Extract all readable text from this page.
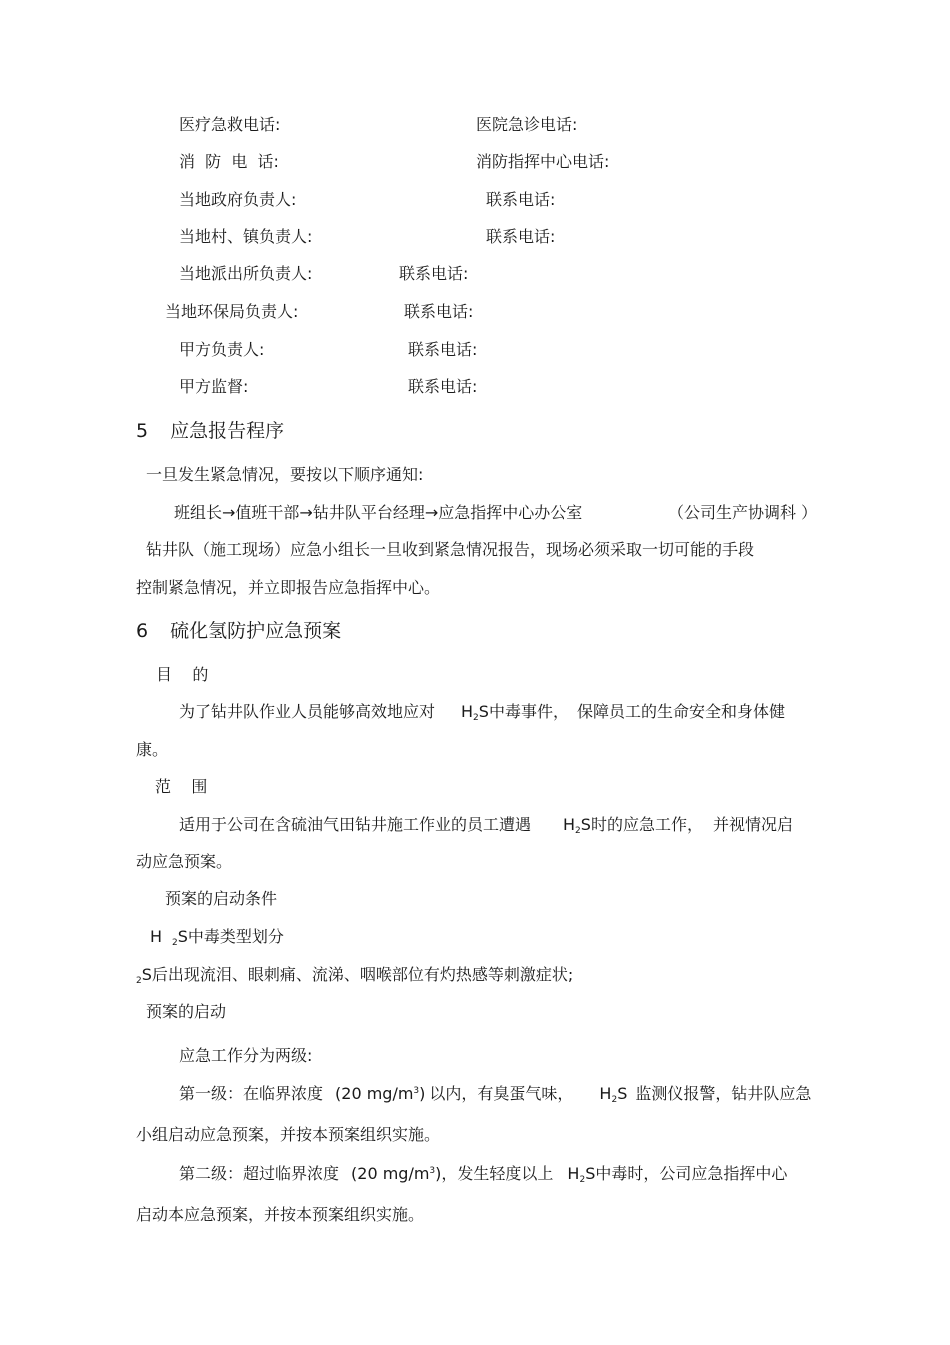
医疗急救电话:	医院急诊电话:
消  防  电  话:	消防指挥中心电话:
当地政府负责人:	联系电话:
当地村、镇负责人:	联系电话:
当地派出所负责人:	联系电话:
当地环保局负责人:	联系电话:
甲方负责人:	联系电话:
甲方监督:	联系电话:
5 应急报告程序
一旦发生紧急情况，要按以下顺序通知:
班组长→值班干部→钻井队平台经理→应急指挥中心办公室	（公司生产协调科 ）
钻井队（施工现场）应急小组长一旦收到紧急情况报告，现场必须采取一切可能的手段
控制紧急情况，并立即报告应急指挥中心。
6 硫化氢防护应急预案
目    的
为了钻井队作业人员能够高效地应对 $H_2S$中毒事件， 保障员工的生命安全和身体健
康。
范    围
适用于公司在含硫油气田钻井施工作业的员工遭遇 $H_2S$时的应急工作， 并视情况启
动应急预案。
预案的启动条件
H $_2$S中毒类型划分
$_2$S后出现流泪、眼刺痛、流涕、咽喉部位有灼热感等刺激症状;
预案的启动
应急工作分为两级:
第一级：在临界浓度 (20 $mg/m^3$) 以内，有臭蛋气味， $H_2S$ 监测仪报警，钻井队应急
小组启动应急预案，并按本预案组织实施。
第二级：超过临界浓度 (20 $mg/m^3$)，发生轻度以上 $H_2S$中毒时，公司应急指挥中心
启动本应急预案，并按本预案组织实施。
